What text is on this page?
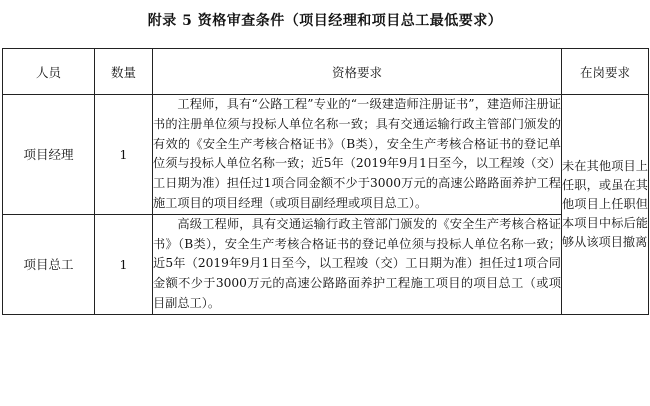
附录 5 资格审查条件（项目经理和项目总工最低要求）
人员	数量	资格要求	在岗要求
项目经理	1	工程师，具有“公路工程”专业的“一级建造师注册证书”，建造师注册证书的注册单位须与投标人单位名称一致；具有交通运输行政主管部门颁发的有效的《安全生产考核合格证书》（B类），安全生产考核合格证书的登记单位须与投标人单位名称一致；近5年（2019年9月1日至今，以工程竣（交）工日期为准）担任过1项合同金额不少于3000万元的高速公路路面养护工程施工项目的项目经理（或项目副经理或项目总工）。	未在其他项目上任职，或虽在其他项目上任职但本项目中标后能够从该项目撤离
项目总工	1	高级工程师，具有交通运输行政主管部门颁发的《安全生产考核合格证书》（B类），安全生产考核合格证书的登记单位须与投标人单位名称一致；近5年（2019年9月1日至今，以工程竣（交）工日期为准）担任过1项合同金额不少于3000万元的高速公路路面养护工程施工项目的项目总工（或项目副总工）。	
